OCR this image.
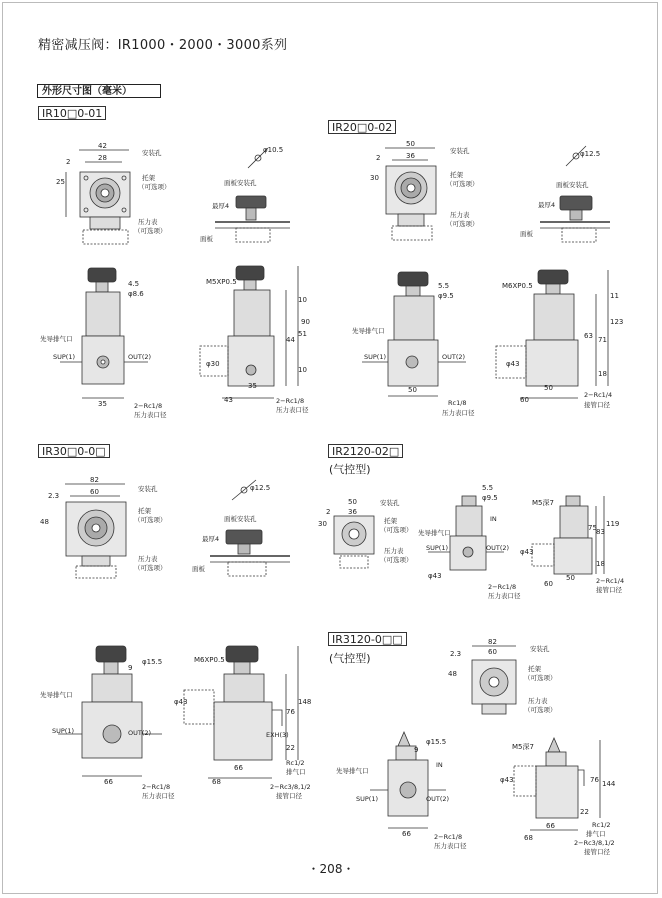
精密减压阀：IR1000・2000・3000系列
外形尺寸图（毫米）
IR10□0-01
IR20□0-02
IR30□0-0□	IR2120-02□
(气控型)
IR3120-0□□
(气控型)
42
28
2
25
安装孔
托架
（可选项）
压力表
（可选项）
φ10.5
面板安装孔
最厚4
面板
4.5
φ8.6
先导排气口
SUP(1)	OUT(2)
35	2−Rc1/8
压力表口径
M5XP0.5
10
44
51
90
10
φ30
35
43	2−Rc1/8
压力表口径
50
36
2
30
安装孔
托架
（可选项）
压力表
（可选项）
φ12.5
面板安装孔
最厚4
面板
5.5
φ9.5
先导排气口
SUP(1)	OUT(2)
50
Rc1/8
压力表口径
M6XP0.5
11
63 71
123
18
φ43
50
60
2−Rc1/4
接管口径
82
60
2.3
48
安装孔
托架
（可选项）
压力表
（可选项）
φ12.5
面板安装孔
最厚4
面板
9
φ15.5
先导排气口
SUP(1)	OUT(2)
66
2−Rc1/8
压力表口径
M6XP0.5
76
148
22
φ43
EXH(3)
66
68
Rc1/2
排气口
2−Rc3/8,1/2
接管口径
50
36
30
2
安装孔
托架
（可选项）
压力表
（可选项）
5.5
φ9.5
IN
先导排气口
SUP(1)	OUT(2)
φ43
2−Rc1/8
压力表口径
M5深7
75 83
119
φ43
60
50
18
2−Rc1/4
接管口径
82
60
2.3
48
安装孔
托架
（可选项）
压力表
（可选项）
9
φ15.5
IN
先导排气口
SUP(1)	OUT(2)
66	2−Rc1/8
压力表口径
M5深7
76 144
φ43
22
66
68
Rc1/2
排气口
2−Rc3/8,1/2
接管口径
・208・
